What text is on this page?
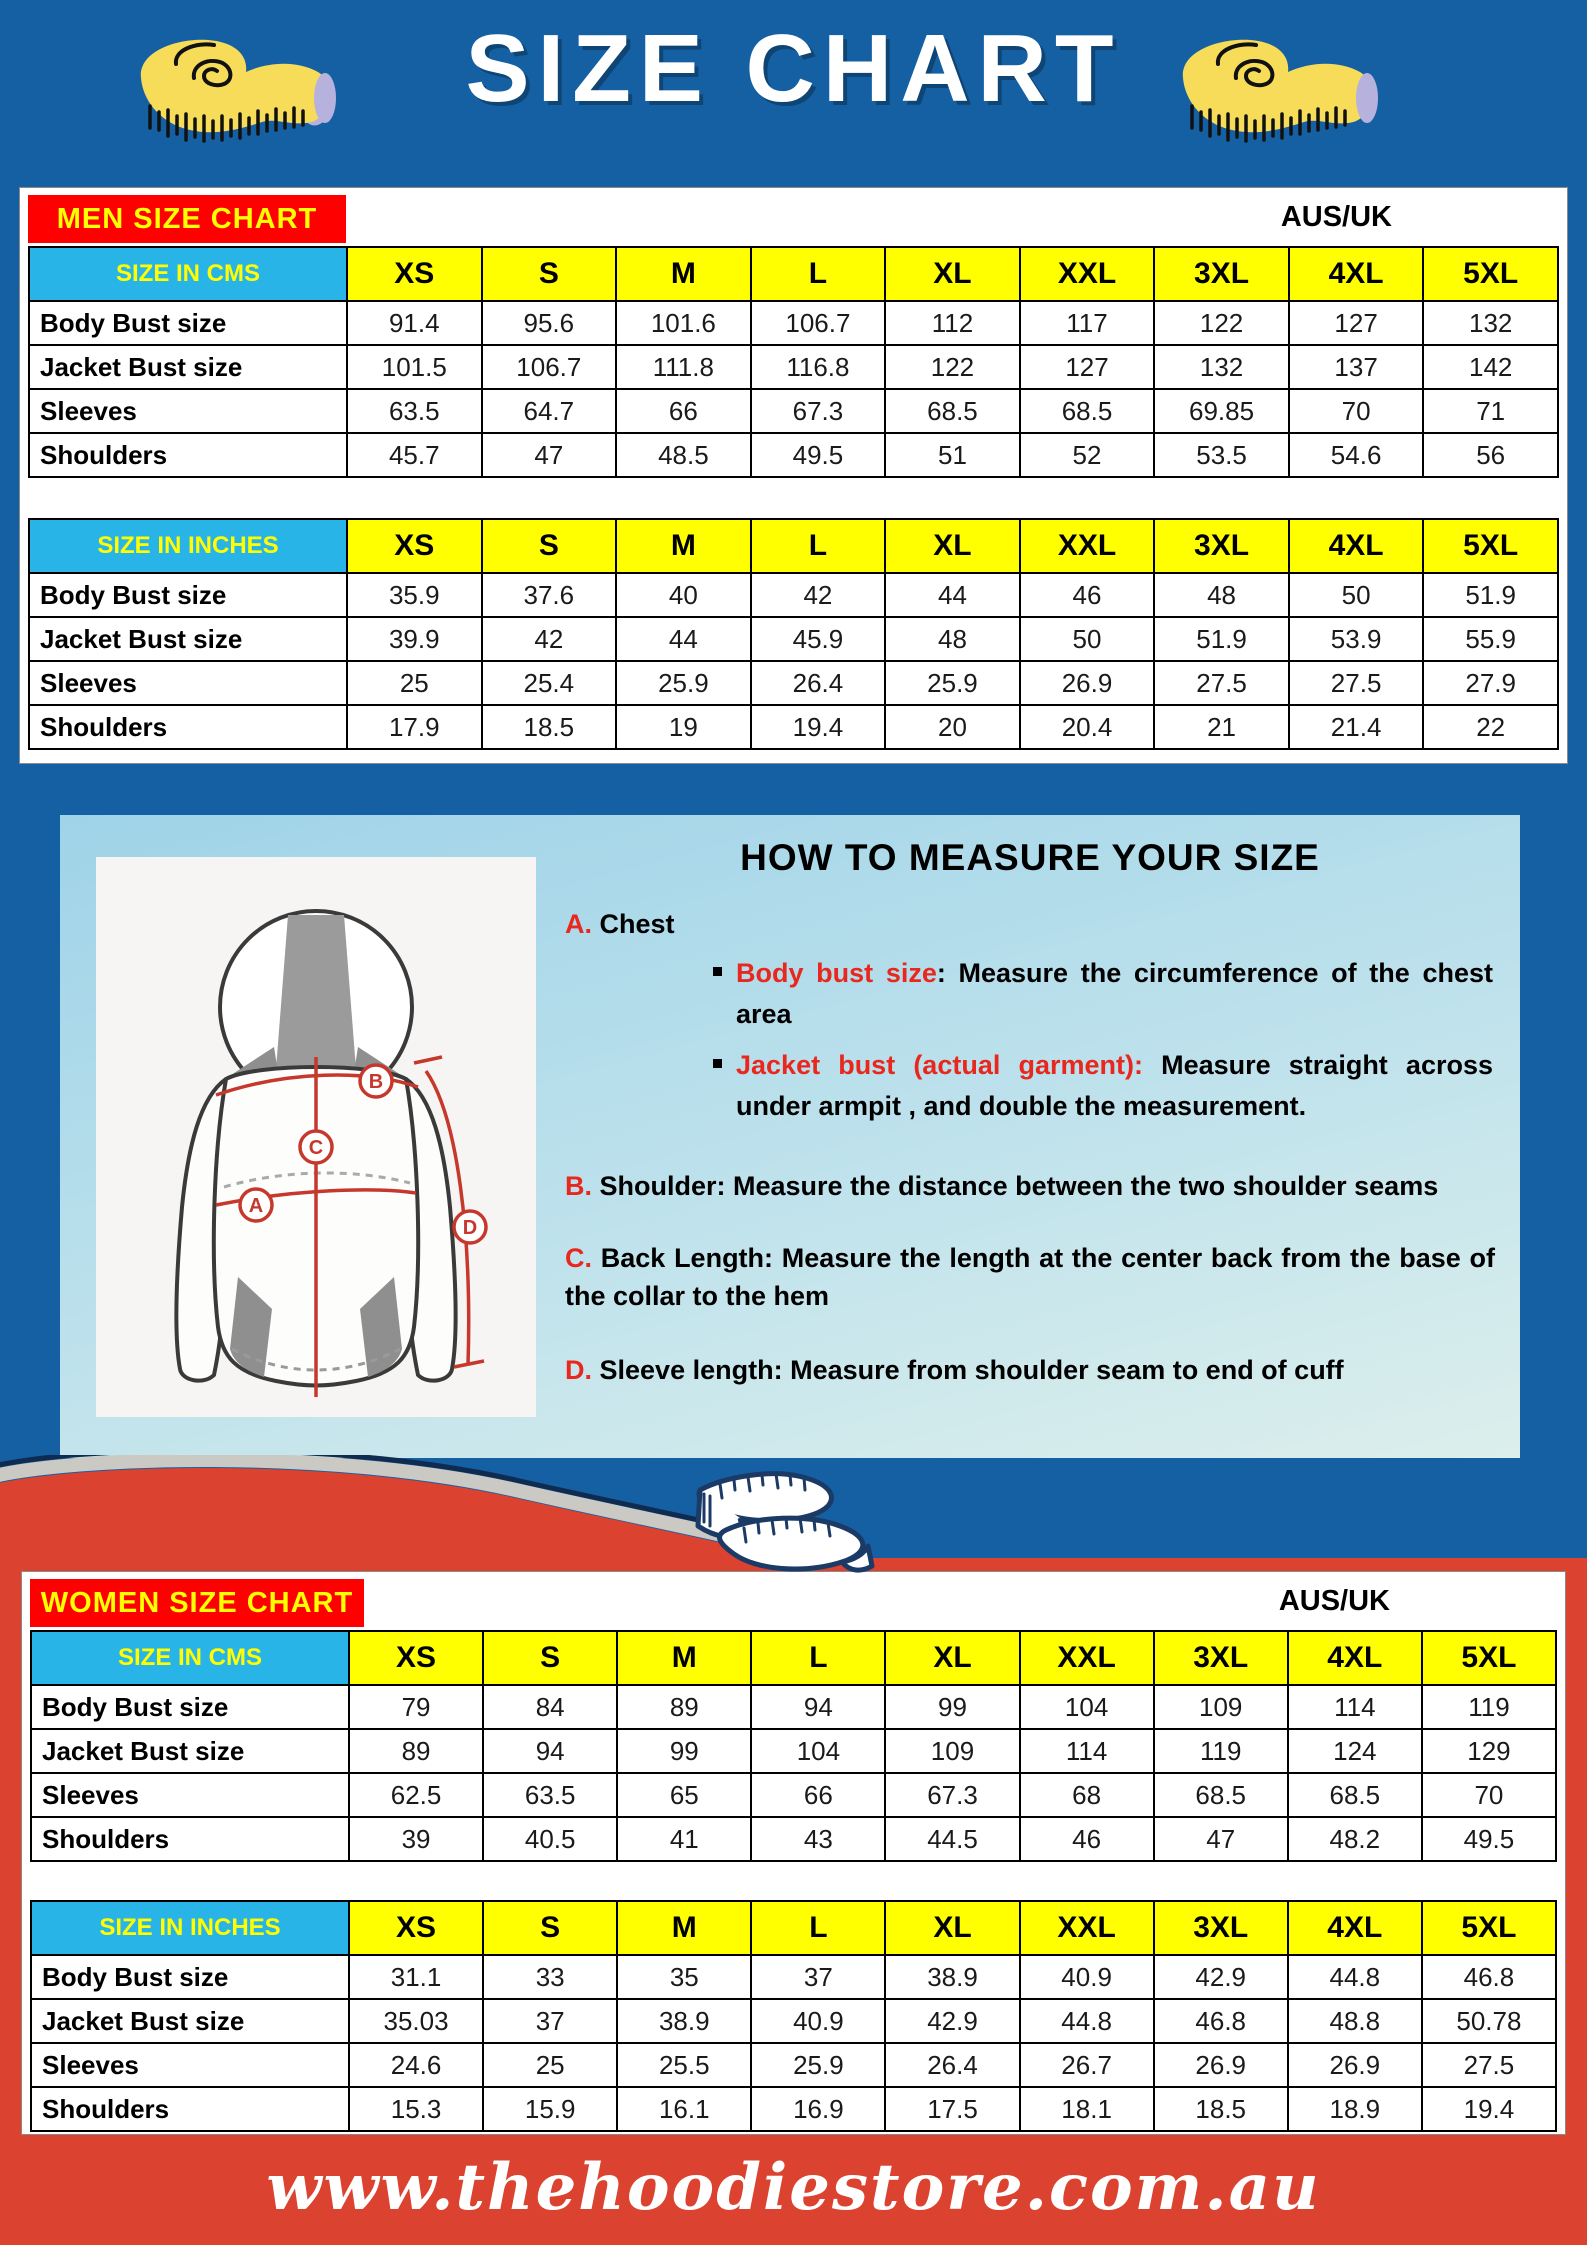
SIZE CHART
MEN SIZE CHART	AUS/UK
SIZE IN CMS	XS	S	M	L	XL	XXL	3XL	4XL	5XL
Body Bust size	91.4	95.6	101.6	106.7	112	117	122	127	132
Jacket Bust size	101.5	106.7	111.8	116.8	122	127	132	137	142
Sleeves	63.5	64.7	66	67.3	68.5	68.5	69.85	70	71
Shoulders	45.7	47	48.5	49.5	51	52	53.5	54.6	56
SIZE IN INCHES	XS	S	M	L	XL	XXL	3XL	4XL	5XL
Body Bust size	35.9	37.6	40	42	44	46	48	50	51.9
Jacket Bust size	39.9	42	44	45.9	48	50	51.9	53.9	55.9
Sleeves	25	25.4	25.9	26.4	25.9	26.9	27.5	27.5	27.9
Shoulders	17.9	18.5	19	19.4	20	20.4	21	21.4	22
A
B
C
D
HOW TO MEASURE YOUR SIZE

A. Chest

Body bust size: Measure the circumference of the chest area
Jacket bust (actual garment): Measure straight across under armpit , and double the measurement.

B. Shoulder: Measure the distance between the two shoulder seams

C. Back Length: Measure the length at the center back from the base of the collar to the hem

D. Sleeve length: Measure from shoulder seam to end of cuff

WOMEN SIZE CHART	AUS/UK
SIZE IN CMS	XS	S	M	L	XL	XXL	3XL	4XL	5XL
Body Bust size	79	84	89	94	99	104	109	114	119
Jacket Bust size	89	94	99	104	109	114	119	124	129
Sleeves	62.5	63.5	65	66	67.3	68	68.5	68.5	70
Shoulders	39	40.5	41	43	44.5	46	47	48.2	49.5
SIZE IN INCHES	XS	S	M	L	XL	XXL	3XL	4XL	5XL
Body Bust size	31.1	33	35	37	38.9	40.9	42.9	44.8	46.8
Jacket Bust size	35.03	37	38.9	40.9	42.9	44.8	46.8	48.8	50.78
Sleeves	24.6	25	25.5	25.9	26.4	26.7	26.9	26.9	27.5
Shoulders	15.3	15.9	16.1	16.9	17.5	18.1	18.5	18.9	19.4
www.thehoodiestore.com.au
